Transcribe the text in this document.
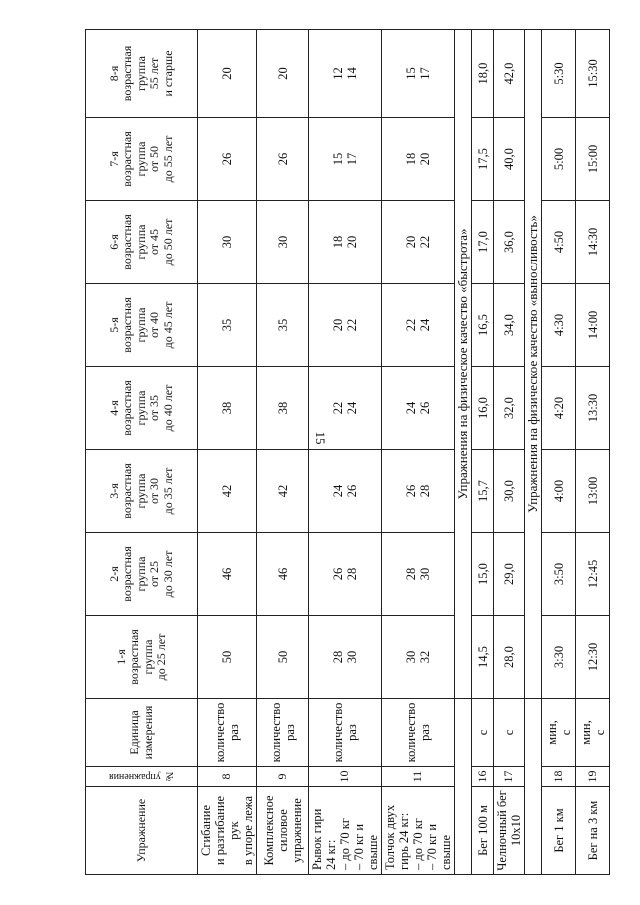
15
Упражнение	№ упражнения	Единица измерения	1-я возрастная группа до 25 лет	2-я возрастная группа от 25 до 30 лет	3-я возрастная группа от 30 до 35 лет	4-я возрастная группа от 35 до 40 лет	5-я возрастная группа от 40 до 45 лет	6-я возрастная группа от 45 до 50 лет	7-я возрастная группа от 50 до 55 лет	8-я возрастная группа 55 лет и старше

Сгибание и разгибание рук в упоре лежа	8	количество раз	50	46	42	38	35	30	26	20

Комплексное силовое упражнение	9	количество раз	50	46	42	38	35	30	26	20

Рывок гири 24 кг: – до 70 кг – 70 кг и свыше	10	количество раз	28 30	26 28	24 26	22 24	20 22	18 20	15 17	12 14

Толчок двух гирь 24 кг: – до 70 кг – 70 кг и свыше	11	количество раз	30 32	28 30	26 28	24 26	22 24	20 22	18 20	15 17

			Упражнения на физическое качество «быстрота»							

Бег 100 м	16	с	14,5	15,0	15,7	16,0	16,5	17,0	17,5	18,0

Челночный бег 10х10	17	с	28,0	29,0	30,0	32,0	34,0	36,0	40,0	42,0

			Упражнения на физическое качество «выносливость»							

Бег 1 км	18	мин, с	3:30	3:50	4:00	4:20	4:30	4:50	5:00	5:30

Бег на 3 км	19	мин, с	12:30	12:45	13:00	13:30	14:00	14:30	15:00	15:30
